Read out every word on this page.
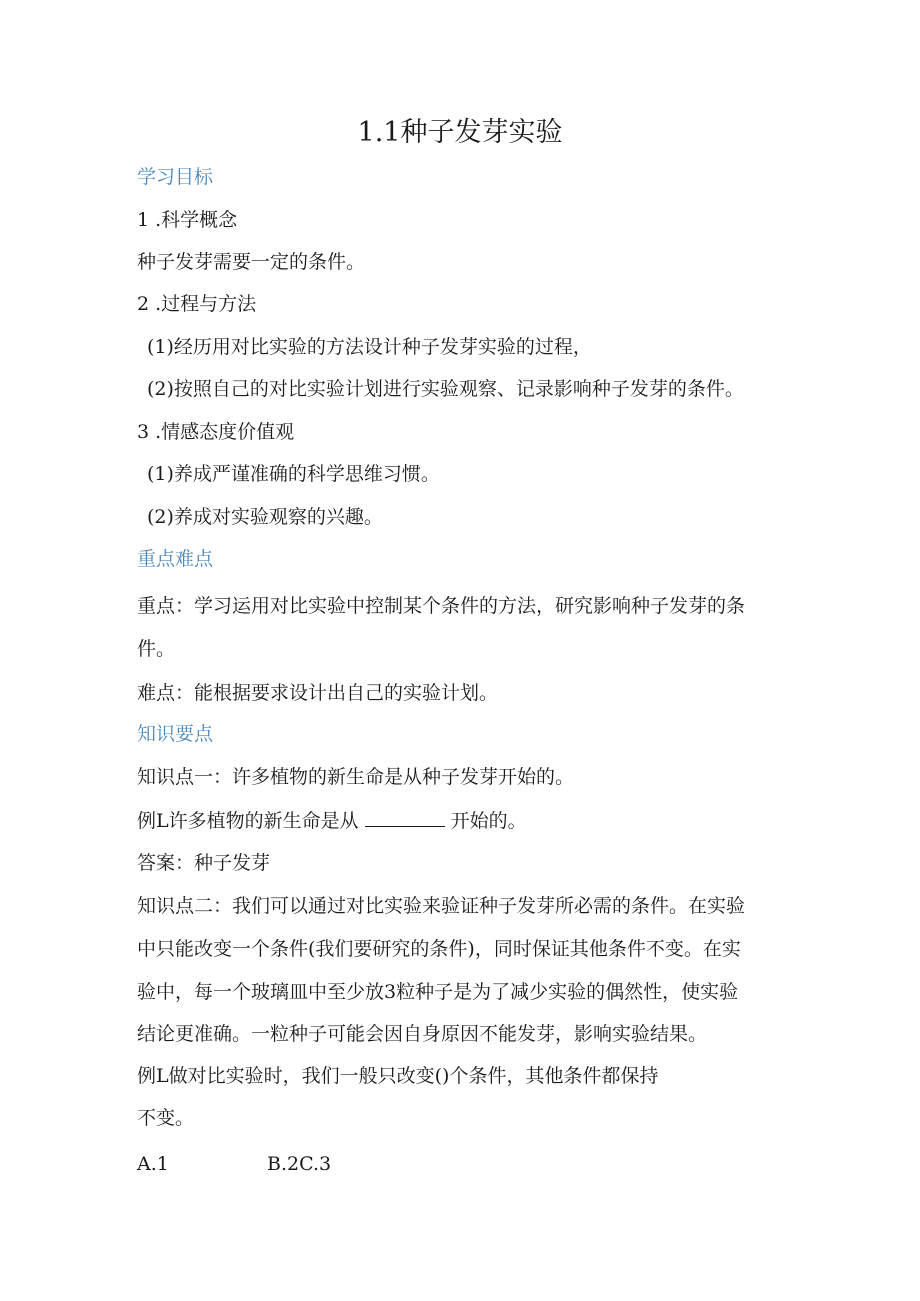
1.1种子发芽实验
学习目标
1 .科学概念
种子发芽需要一定的条件。
2 .过程与方法
(1)经历用对比实验的方法设计种子发芽实验的过程，
(2)按照自己的对比实验计划进行实验观察、记录影响种子发芽的条件。
3 .情感态度价值观
(1)养成严谨准确的科学思维习惯。
(2)养成对实验观察的兴趣。
重点难点
重点：学习运用对比实验中控制某个条件的方法，研究影响种子发芽的条
件。
难点：能根据要求设计出自己的实验计划。
知识要点
知识点一：许多植物的新生命是从种子发芽开始的。
例L许多植物的新生命是从	开始的。
答案：种子发芽
知识点二：我们可以通过对比实验来验证种子发芽所必需的条件。在实验
中只能改变一个条件(我们要研究的条件)，同时保证其他条件不变。在实
验中，每一个玻璃皿中至少放3粒种子是为了减少实验的偶然性，使实验
结论更准确。一粒种子可能会因自身原因不能发芽，影响实验结果。
例L做对比实验时，我们一般只改变()个条件，其他条件都保持
不变。
A.1	B.2C.3
